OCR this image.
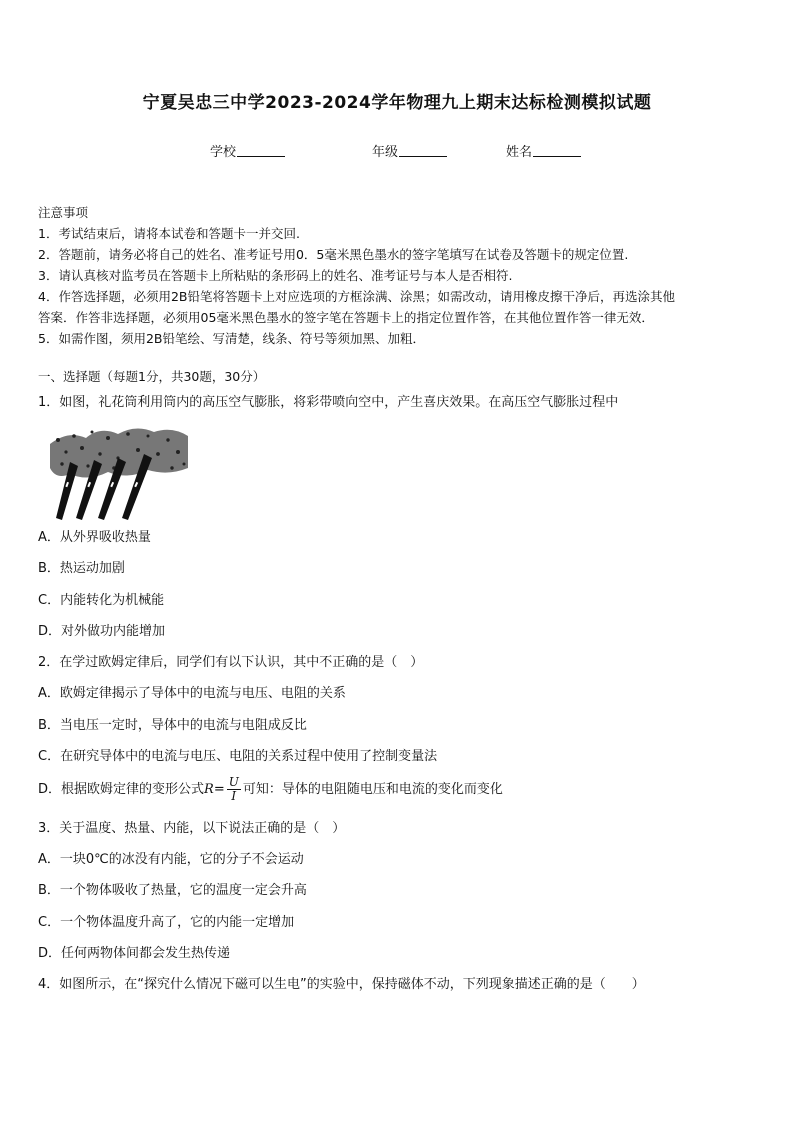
宁夏吴忠三中学2023-2024学年物理九上期末达标检测模拟试题
学校	年级	姓名
注意事项
1．考试结束后，请将本试卷和答题卡一并交回.
2．答题前，请务必将自己的姓名、准考证号用0．5毫米黑色墨水的签字笔填写在试卷及答题卡的规定位置.
3．请认真核对监考员在答题卡上所粘贴的条形码上的姓名、准考证号与本人是否相符.
4．作答选择题，必须用2B铅笔将答题卡上对应选项的方框涂满、涂黑；如需改动，请用橡皮擦干净后，再选涂其他
答案．作答非选择题，必须用05毫米黑色墨水的签字笔在答题卡上的指定位置作答，在其他位置作答一律无效．
5．如需作图，须用2B铅笔绘、写清楚，线条、符号等须加黑、加粗．
一、选择题（每题1分，共30题，30分）
1．如图，礼花筒利用筒内的高压空气膨胀，将彩带喷向空中，产生喜庆效果。在高压空气膨胀过程中
A．从外界吸收热量
B．热运动加剧
C．内能转化为机械能
D．对外做功内能增加
2．在学过欧姆定律后，同学们有以下认识，其中不正确的是（　）
A．欧姆定律揭示了导体中的电流与电压、电阻的关系
B．当电压一定时，导体中的电流与电阻成反比
C．在研究导体中的电流与电压、电阻的关系过程中使用了控制变量法
D．根据欧姆定律的变形公式$R= \frac{U}{I}$ 可知：导体的电阻随电压和电流的变化而变化
3．关于温度、热量、内能，以下说法正确的是（　）
A．一块0℃的冰没有内能，它的分子不会运动
B．一个物体吸收了热量，它的温度一定会升高
C．一个物体温度升高了，它的内能一定增加
D．任何两物体间都会发生热传递
4．如图所示，在“探究什么情况下磁可以生电”的实验中，保持磁体不动，下列现象描述正确的是（　　）
